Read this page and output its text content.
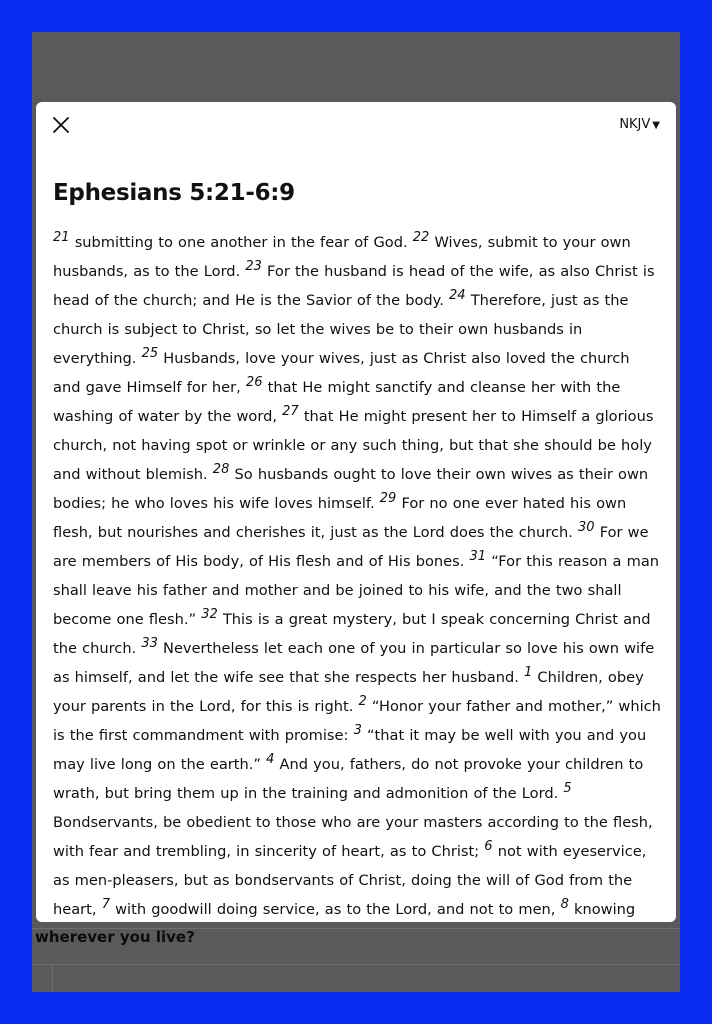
wherever you live?
NKJV ▼
Ephesians 5:21-6:9

21 submitting to one another in the fear of God. 22 Wives, submit to your own husbands, as to the Lord. 23 For the husband is head of the wife, as also Christ is head of the church; and He is the Savior of the body. 24 Therefore, just as the church is subject to Christ, so let the wives be to their own husbands in everything. 25 Husbands, love your wives, just as Christ also loved the church and gave Himself for her, 26 that He might sanctify and cleanse her with the washing of water by the word, 27 that He might present her to Himself a glorious church, not having spot or wrinkle or any such thing, but that she should be holy and without blemish. 28 So husbands ought to love their own wives as their own bodies; he who loves his wife loves himself. 29 For no one ever hated his own flesh, but nourishes and cherishes it, just as the Lord does the church. 30 For we are members of His body, of His flesh and of His bones. 31 “For this reason a man shall leave his father and mother and be joined to his wife, and the two shall become one flesh.” 32 This is a great mystery, but I speak concerning Christ and the church. 33 Nevertheless let each one of you in particular so love his own wife as himself, and let the wife see that she respects her husband. 1 Children, obey your parents in the Lord, for this is right. 2 “Honor your father and mother,” which is the first commandment with promise: 3 “that it may be well with you and you may live long on the earth.” 4 And you, fathers, do not provoke your children to wrath, but bring them up in the training and admonition of the Lord. 5 Bondservants, be obedient to those who are your masters according to the flesh, with fear and trembling, in sincerity of heart, as to Christ; 6 not with eyeservice, as men-pleasers, but as bondservants of Christ, doing the will of God from the heart, 7 with goodwill doing service, as to the Lord, and not to men, 8 knowing
